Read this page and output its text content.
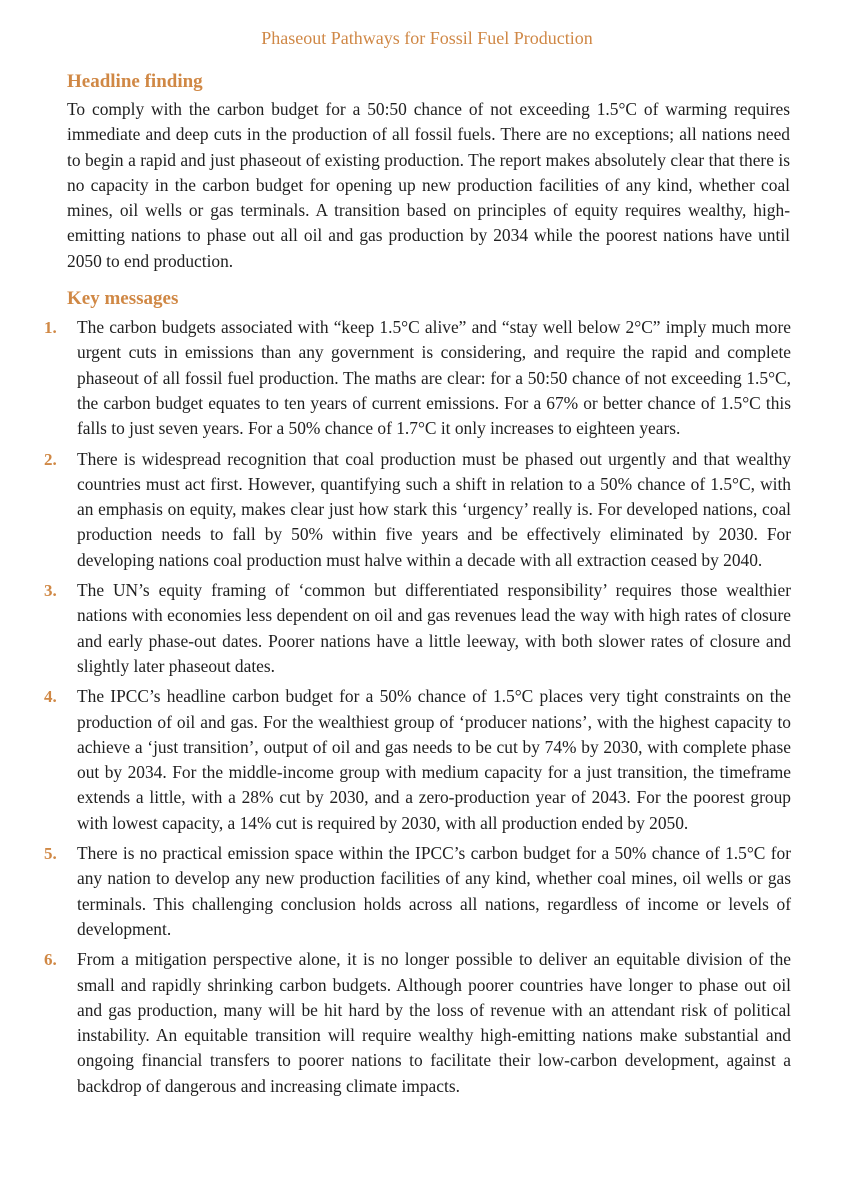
Phaseout Pathways for Fossil Fuel Production
Headline finding

To comply with the carbon budget for a 50:50 chance of not exceeding 1.5°C of warming requires immediate and deep cuts in the production of all fossil fuels. There are no exceptions; all nations need to begin a rapid and just phaseout of existing production. The report makes absolutely clear that there is no capacity in the carbon budget for opening up new production facilities of any kind, whether coal mines, oil wells or gas terminals. A transition based on principles of equity requires wealthy, high-emitting nations to phase out all oil and gas production by 2034 while the poorest nations have until 2050 to end production.

Key messages
1.	The carbon budgets associated with “keep 1.5°C alive” and “stay well below 2°C” imply much more urgent cuts in emissions than any government is considering, and require the rapid and complete phaseout of all fossil fuel production. The maths are clear: for a 50:50 chance of not exceeding 1.5°C, the carbon budget equates to ten years of current emissions. For a 67% or better chance of 1.5°C this falls to just seven years. For a 50% chance of 1.7°C it only increases to eighteen years.
2.	There is widespread recognition that coal production must be phased out urgently and that wealthy countries must act first. However, quantifying such a shift in relation to a 50% chance of 1.5°C, with an emphasis on equity, makes clear just how stark this ‘urgency’ really is. For developed nations, coal production needs to fall by 50% within five years and be effectively eliminated by 2030. For developing nations coal production must halve within a decade with all extraction ceased by 2040.
3.	The UN’s equity framing of ‘common but differentiated responsibility’ requires those wealthier nations with economies less dependent on oil and gas revenues lead the way with high rates of closure and early phase-out dates. Poorer nations have a little leeway, with both slower rates of closure and slightly later phaseout dates.
4.	The IPCC’s headline carbon budget for a 50% chance of 1.5°C places very tight constraints on the production of oil and gas. For the wealthiest group of ‘producer nations’, with the highest capacity to achieve a ‘just transition’, output of oil and gas needs to be cut by 74% by 2030, with complete phase out by 2034. For the middle-income group with medium capacity for a just transition, the timeframe extends a little, with a 28% cut by 2030, and a zero-production year of 2043. For the poorest group with lowest capacity, a 14% cut is required by 2030, with all production ended by 2050.
5.	There is no practical emission space within the IPCC’s carbon budget for a 50% chance of 1.5°C for any nation to develop any new production facilities of any kind, whether coal mines, oil wells or gas terminals. This challenging conclusion holds across all nations, regardless of income or levels of development.
6.	From a mitigation perspective alone, it is no longer possible to deliver an equitable division of the small and rapidly shrinking carbon budgets. Although poorer countries have longer to phase out oil and gas production, many will be hit hard by the loss of revenue with an attendant risk of political instability. An equitable transition will require wealthy high-emitting nations make substantial and ongoing financial transfers to poorer nations to facilitate their low-carbon development, against a backdrop of dangerous and increasing climate impacts.
